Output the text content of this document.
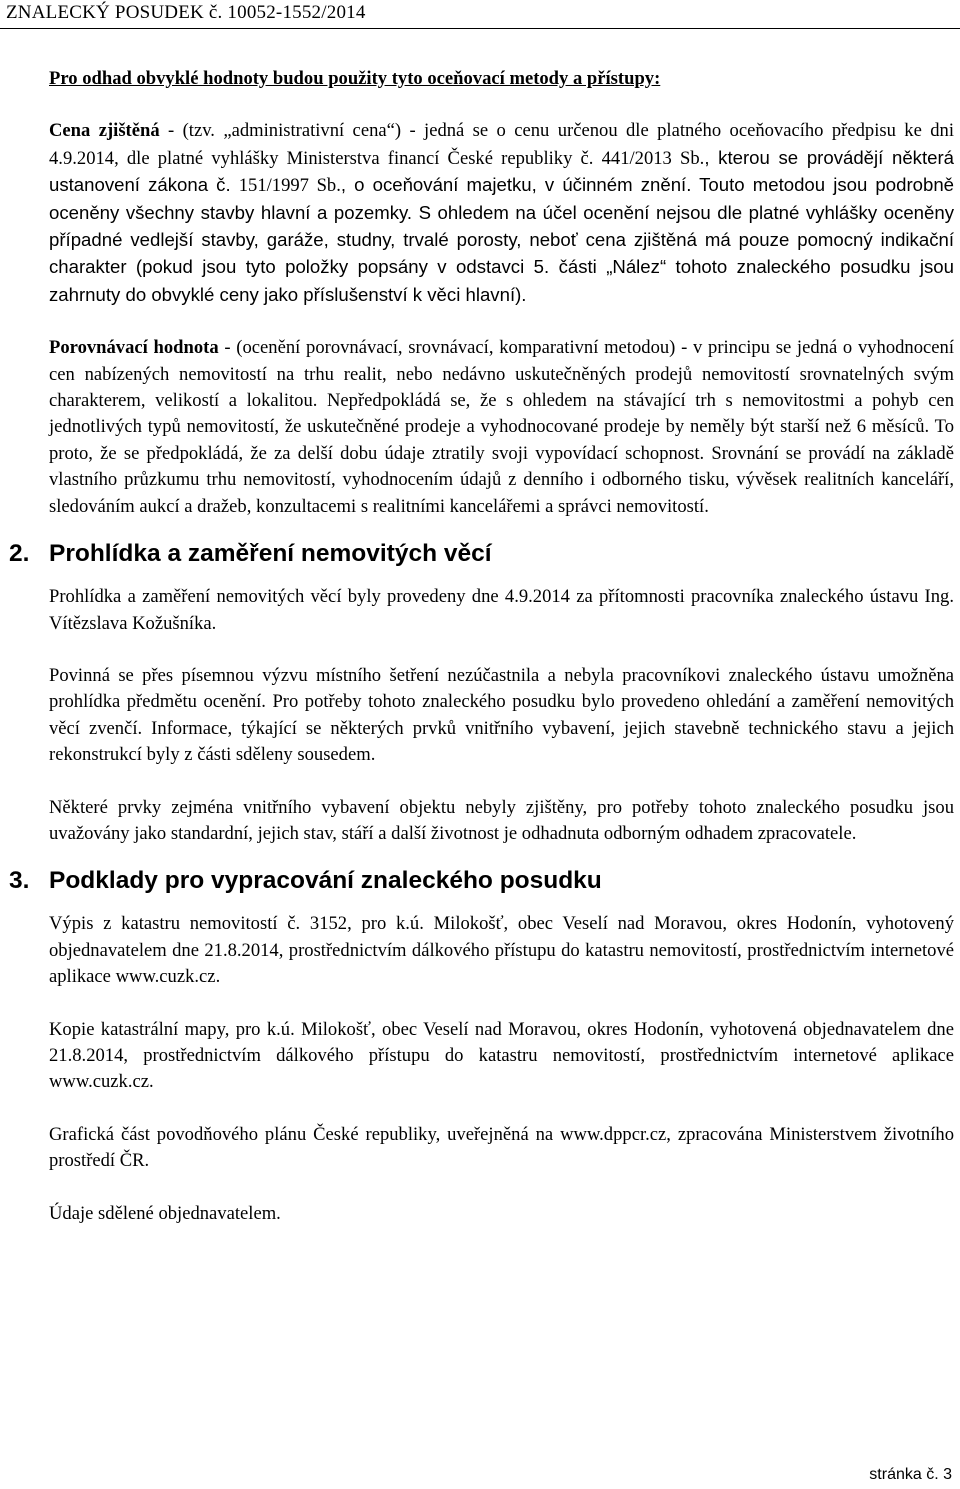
ZNALECKÝ POSUDEK č. 10052-1552/2014

Pro odhad obvyklé hodnoty budou použity tyto oceňovací metody a přístupy:

Cena zjištěná - (tzv. „administrativní cena“) - jedná se o cenu určenou dle platného oceňovacího předpisu ke dni 4.9.2014, dle platné vyhlášky Ministerstva financí České republiky č. 441/2013 Sb., kterou se provádějí některá ustanovení zákona č. 151/1997 Sb., o oceňování majetku, v účinném znění. Touto metodou jsou podrobně oceněny všechny stavby hlavní a pozemky. S ohledem na účel ocenění nejsou dle platné vyhlášky oceněny případné vedlejší stavby, garáže, studny, trvalé porosty, neboť cena zjištěná má pouze pomocný indikační charakter (pokud jsou tyto položky popsány v odstavci 5. části „Nález“ tohoto znaleckého posudku jsou zahrnuty do obvyklé ceny jako příslušenství k věci hlavní).

Porovnávací hodnota - (ocenění porovnávací, srovnávací, komparativní metodou) - v principu se jedná o vyhodnocení cen nabízených nemovitostí na trhu realit, nebo nedávno uskutečněných prodejů nemovitostí srovnatelných svým charakterem, velikostí a lokalitou. Nepředpokládá se, že s ohledem na stávající trh s nemovitostmi a pohyb cen jednotlivých typů nemovitostí, že uskutečněné prodeje a vyhodnocované prodeje by neměly být starší než 6 měsíců. To proto, že se předpokládá, že za delší dobu údaje ztratily svoji vypovídací schopnost. Srovnání se provádí na základě vlastního průzkumu trhu nemovitostí, vyhodnocením údajů z denního i odborného tisku, vývěsek realitních kanceláří, sledováním aukcí a dražeb, konzultacemi s realitními kancelářemi a správci nemovitostí.

2. Prohlídka a zaměření nemovitých věcí

Prohlídka a zaměření nemovitých věcí byly provedeny dne 4.9.2014 za přítomnosti pracovníka znaleckého ústavu Ing. Vítězslava Kožušníka.

Povinná se přes písemnou výzvu místního šetření nezúčastnila a nebyla pracovníkovi znaleckého ústavu umožněna prohlídka předmětu ocenění. Pro potřeby tohoto znaleckého posudku bylo provedeno ohledání a zaměření nemovitých věcí zvenčí. Informace, týkající se některých prvků vnitřního vybavení, jejich stavebně technického stavu a jejich rekonstrukcí byly z části sděleny sousedem.

Některé prvky zejména vnitřního vybavení objektu nebyly zjištěny, pro potřeby tohoto znaleckého posudku jsou uvažovány jako standardní, jejich stav, stáří a další životnost je odhadnuta odborným odhadem zpracovatele.

3. Podklady pro vypracování znaleckého posudku

Výpis z katastru nemovitostí č. 3152, pro k.ú. Milokošť, obec Veselí nad Moravou, okres Hodonín, vyhotovený objednavatelem dne 21.8.2014, prostřednictvím dálkového přístupu do katastru nemovitostí, prostřednictvím internetové aplikace www.cuzk.cz.

Kopie katastrální mapy, pro k.ú. Milokošť, obec Veselí nad Moravou, okres Hodonín, vyhotovená objednavatelem dne 21.8.2014, prostřednictvím dálkového přístupu do katastru nemovitostí, prostřednictvím internetové aplikace www.cuzk.cz.

Grafická část povodňového plánu České republiky, uveřejněná na www.dppcr.cz, zpracována Ministerstvem životního prostředí ČR.

Údaje sdělené objednavatelem.

stránka č. 3
